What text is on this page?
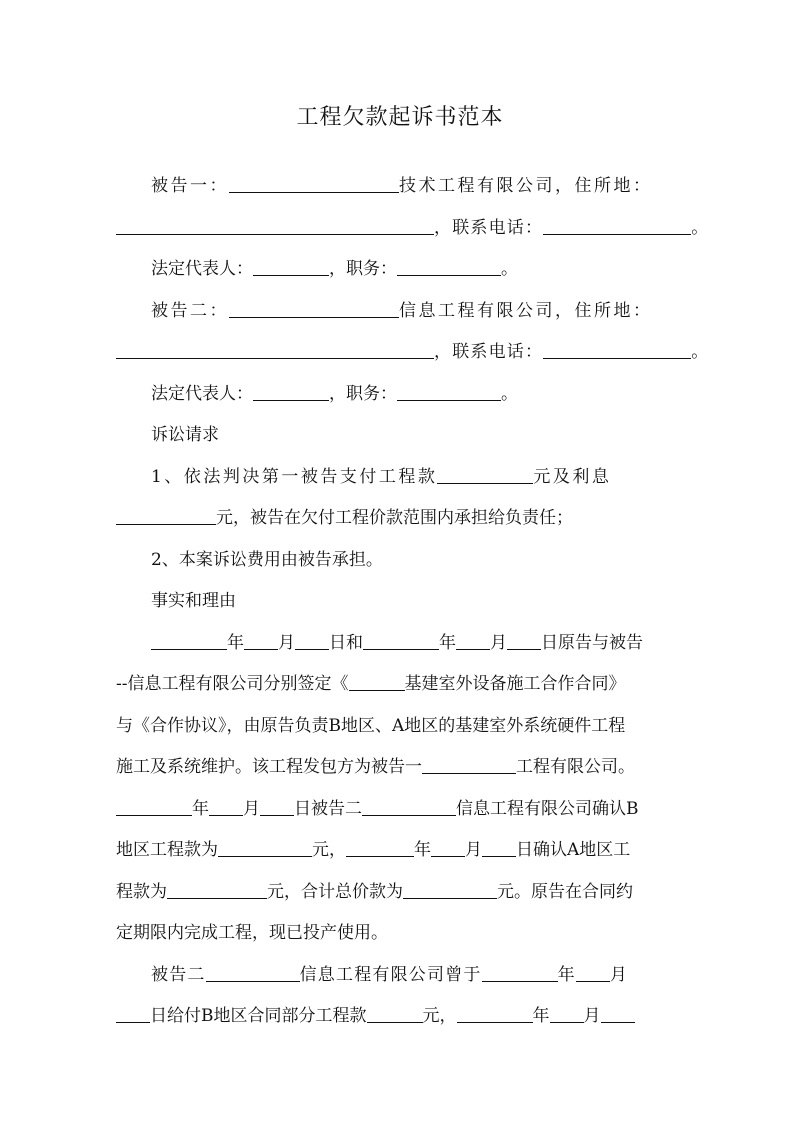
工程欠款起诉书范本
被告一：	技术工程有限公司，住所地：
，联系电话：	。
法定代表人：	，职务：	。
被告二：	信息工程有限公司，住所地：
，联系电话：	。
法定代表人：	，职务：	。
诉讼请求
1、依法判决第一被告支付工程款	元及利息
元，被告在欠付工程价款范围内承担给负责任；
2、本案诉讼费用由被告承担。
事实和理由
年 月 日和	年 月 日原告与被告
--信息工程有限公司分别签定《	基建室外设备施工合作合同》
与《合作协议》，由原告负责B地区、A地区的基建室外系统硬件工程
施工及系统维护。该工程发包方为被告一	工程有限公司。
年 月 日被告二	信息工程有限公司确认B
地区工程款为	元，	年 月 日确认A地区工
程款为	元，合计总价款为	元。原告在合同约
定期限内完成工程，现已投产使用。
被告二	信息工程有限公司曾于	年 月
日给付B地区合同部分工程款	元，	年 月
